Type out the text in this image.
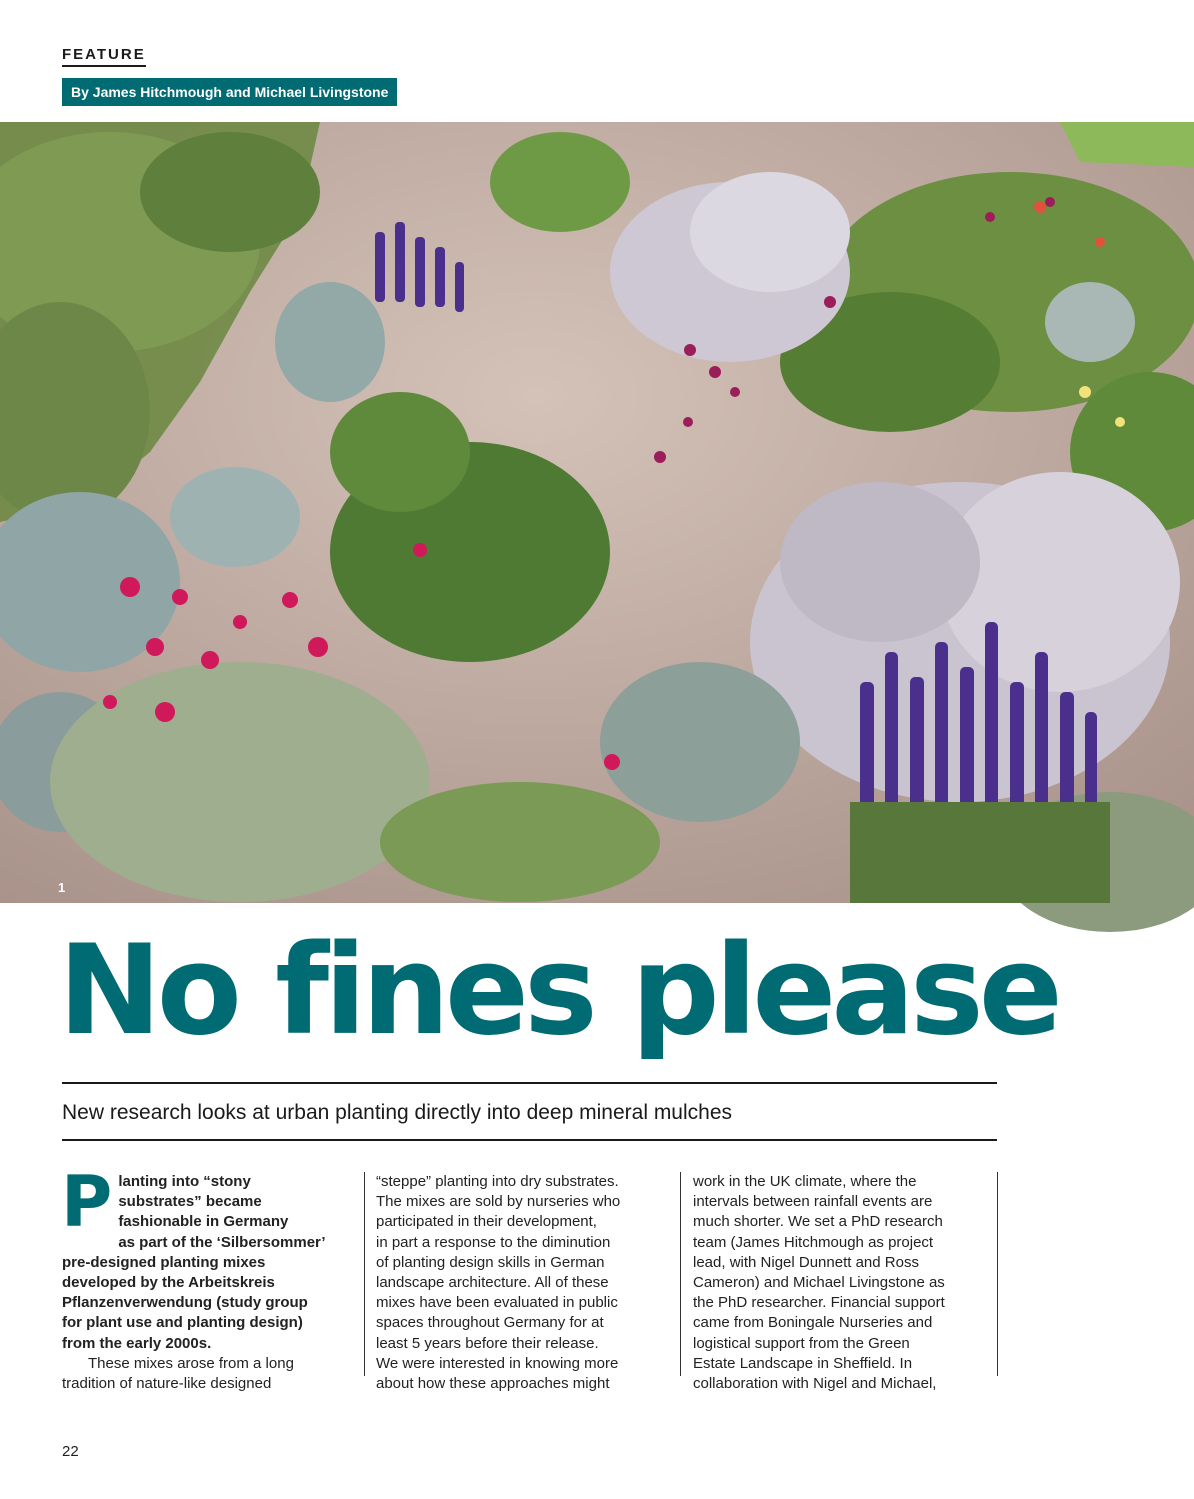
FEATURE
By James Hitchmough and Michael Livingstone
1
No fines please
New research looks at urban planting directly into deep mineral mulches
P lanting into “stony
substrates” became
fashionable in Germany
as part of the ‘Silbersommer’
pre-designed planting mixes
developed by the Arbeitskreis
Pflanzenverwendung (study group
for plant use and planting design)
from the early 2000s.

These mixes arose from a long

tradition of nature-like designed

“steppe” planting into dry substrates.
The mixes are sold by nurseries who
participated in their development,
in part a response to the diminution
of planting design skills in German
landscape architecture. All of these
mixes have been evaluated in public
spaces throughout Germany for at
least 5 years before their release.
We were interested in knowing more
about how these approaches might
work in the UK climate, where the
intervals between rainfall events are
much shorter. We set a PhD research
team (James Hitchmough as project
lead, with Nigel Dunnett and Ross
Cameron) and Michael Livingstone as
the PhD researcher. Financial support
came from Boningale Nurseries and
logistical support from the Green
Estate Landscape in Sheffield. In
collaboration with Nigel and Michael,
22
